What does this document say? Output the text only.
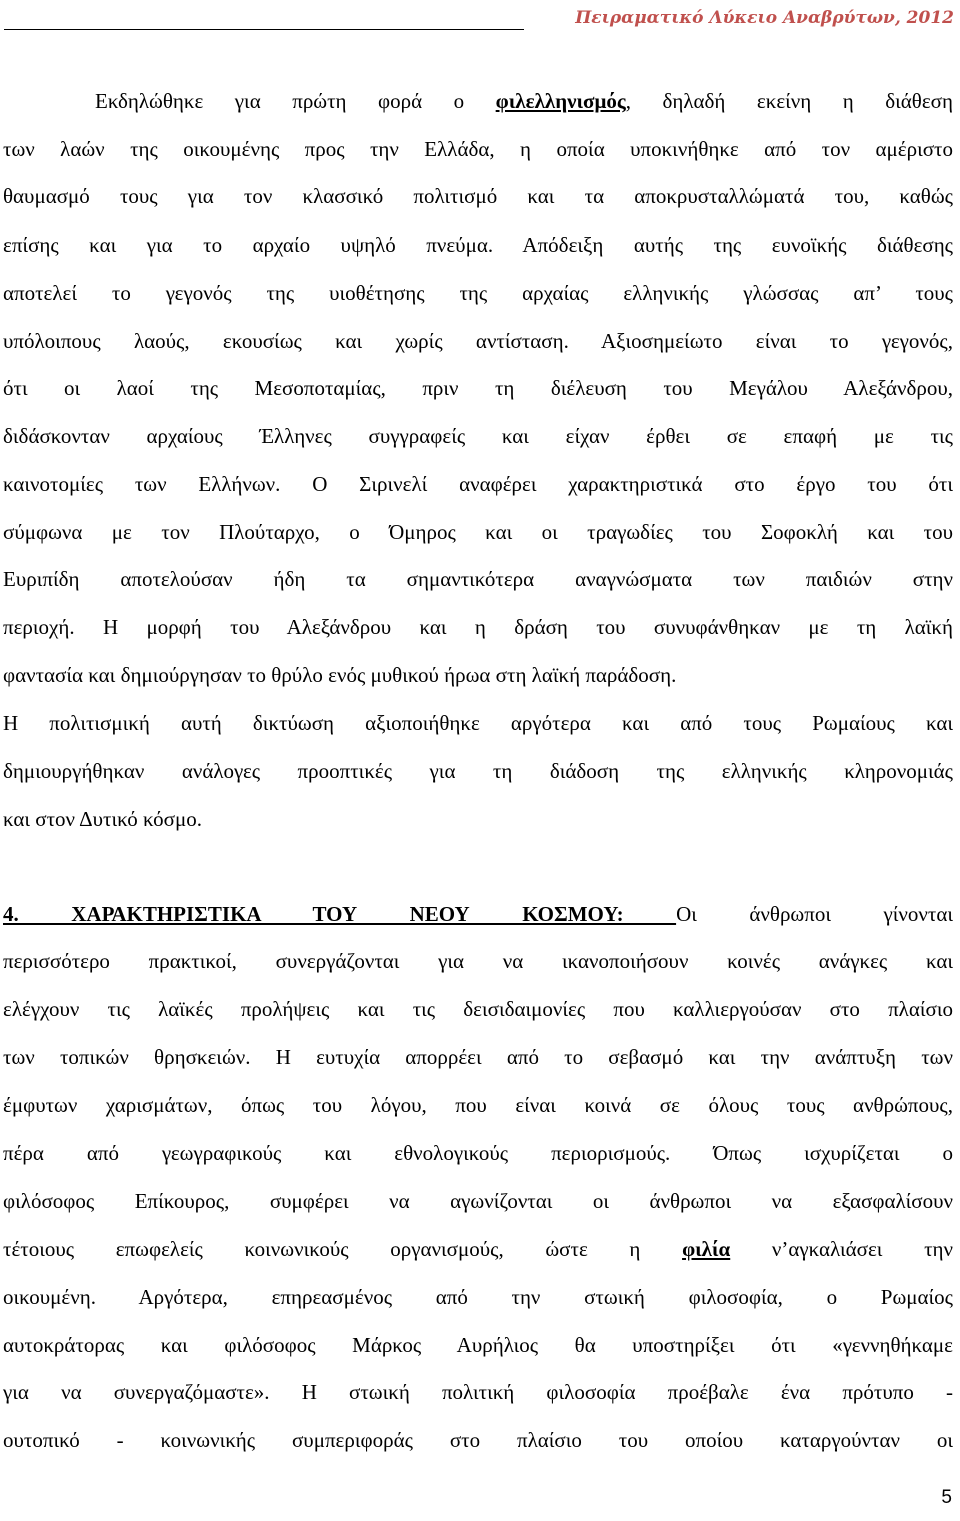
Πειραματικό Λύκειο Αναβρύτων, 2012
Εκδηλώθηκε για πρώτη φορά ο φιλελληνισμός, δηλαδή εκείνη η διάθεση
των λαών της οικουμένης προς την Ελλάδα, η οποία υποκινήθηκε από τον αμέριστο
θαυμασμό τους για τον κλασσικό πολιτισμό και τα αποκρυσταλλώματά του, καθώς
επίσης και για το αρχαίο υψηλό πνεύμα. Απόδειξη αυτής της ευνοϊκής διάθεσης
αποτελεί το γεγονός της υιοθέτησης της αρχαίας ελληνικής γλώσσας απ’ τους
υπόλοιπους λαούς, εκουσίως και χωρίς αντίσταση. Αξιοσημείωτο είναι το γεγονός,
ότι οι λαοί της Μεσοποταμίας, πριν τη διέλευση του Μεγάλου Αλεξάνδρου,
διδάσκονταν αρχαίους Έλληνες συγγραφείς και είχαν έρθει σε επαφή με τις
καινοτομίες των Ελλήνων. Ο Σιρινελί αναφέρει χαρακτηριστικά στο έργο του ότι
σύμφωνα με τον Πλούταρχο, ο Όμηρος και οι τραγωδίες του Σοφοκλή και του
Ευριπίδη αποτελούσαν ήδη τα σημαντικότερα αναγνώσματα των παιδιών στην
περιοχή. Η μορφή του Αλεξάνδρου και η δράση του συνυφάνθηκαν με τη λαϊκή
φαντασία και δημιούργησαν το θρύλο ενός μυθικού ήρωα στη λαϊκή παράδοση.
Η πολιτισμική αυτή δικτύωση αξιοποιήθηκε αργότερα και από τους Ρωμαίους και
δημιουργήθηκαν ανάλογες προοπτικές για τη διάδοση της ελληνικής κληρονομιάς
και στον Δυτικό κόσμο.
4. ΧΑΡΑΚΤΗΡΙΣΤΙΚΑ ΤΟΥ ΝΕΟΥ ΚΟΣΜΟΥ: Οι άνθρωποι γίνονται
περισσότερο πρακτικοί, συνεργάζονται για να ικανοποιήσουν κοινές ανάγκες και
ελέγχουν τις λαϊκές προλήψεις και τις δεισιδαιμονίες που καλλιεργούσαν στο πλαίσιο
των τοπικών θρησκειών. Η ευτυχία απορρέει από το σεβασμό και την ανάπτυξη των
έμφυτων χαρισμάτων, όπως του λόγου, που είναι κοινά σε όλους τους ανθρώπους,
πέρα από γεωγραφικούς και εθνολογικούς περιορισμούς. Όπως ισχυρίζεται ο
φιλόσοφος Επίκουρος, συμφέρει να αγωνίζονται οι άνθρωποι να εξασφαλίσουν
τέτοιους επωφελείς κοινωνικούς οργανισμούς, ώστε η φιλία ν’αγκαλιάσει την
οικουμένη. Αργότερα, επηρεασμένος από την στωική φιλοσοφία, ο Ρωμαίος
αυτοκράτορας και φιλόσοφος Μάρκος Αυρήλιος θα υποστηρίξει ότι «γεννηθήκαμε
για να συνεργαζόμαστε». Η στωική πολιτική φιλοσοφία προέβαλε ένα πρότυπο -
ουτοπικό - κοινωνικής συμπεριφοράς στο πλαίσιο του οποίου καταργούνταν οι
5
